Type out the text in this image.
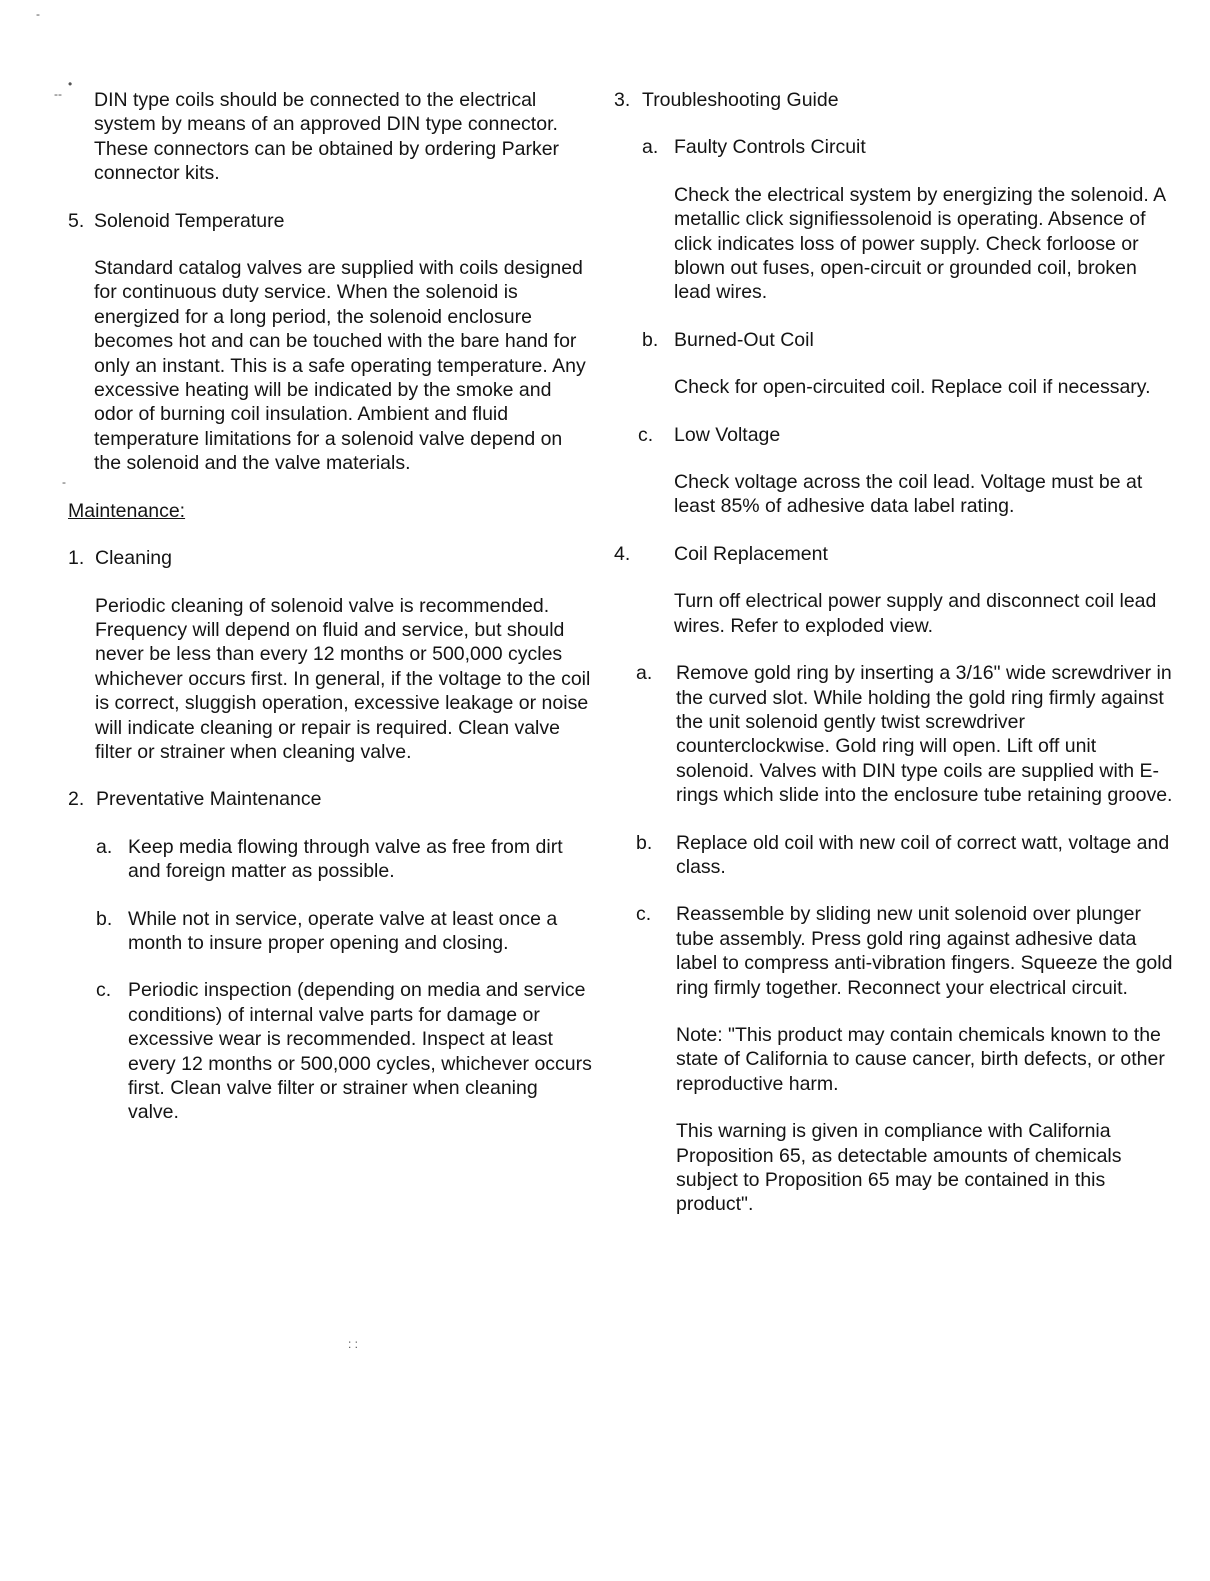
-
--
•
-
: :

DIN type coils should be connected to the electrical system by means of an approved DIN type connector. These connectors can be obtained by ordering Parker connector kits.

5. Solenoid Temperature

Standard catalog valves are supplied with coils designed for continuous duty service. When the solenoid is energized for a long period, the solenoid enclosure becomes hot and can be touched with the bare hand for only an instant. This is a safe operating temperature. Any excessive heating will be indicated by the smoke and odor of burning coil insulation. Ambient and fluid temperature limitations for a solenoid valve depend on the solenoid and the valve materials.

Maintenance:

1. Cleaning

Periodic cleaning of solenoid valve is recommended. Frequency will depend on fluid and service, but should never be less than every 12 months or 500,000 cycles whichever occurs first. In general, if the voltage to the coil is correct, sluggish operation, excessive leakage or noise will indicate cleaning or repair is required. Clean valve filter or strainer when cleaning valve.

2. Preventative Maintenance
a. Keep media flowing through valve as free from dirt and foreign matter as possible.
b. While not in service, operate valve at least once a month to insure proper opening and closing.
c. Periodic inspection (depending on media and service conditions) of internal valve parts for damage or excessive wear is recommended. Inspect at least every 12 months or 500,000 cycles, whichever occurs first. Clean valve filter or strainer when cleaning valve.
3. Troubleshooting Guide
a. Faulty Controls Circuit

Check the electrical system by energizing the solenoid. A metallic click signifiessolenoid is operating. Absence of click indicates loss of power supply. Check forloose or blown out fuses, open-circuit or grounded coil, broken lead wires.

b. Burned-Out Coil

Check for open-circuited coil. Replace coil if necessary.

c.	Low Voltage

Check voltage across the coil lead. Voltage must be at least 85% of adhesive data label rating.

4.	Coil Replacement

Turn off electrical power supply and disconnect coil lead wires. Refer to exploded view.

a.	Remove gold ring by inserting a 3/16" wide screwdriver in the curved slot. While holding the gold ring firmly against the unit solenoid gently twist screwdriver counterclockwise. Gold ring will open. Lift off unit solenoid. Valves with DIN type coils are supplied with E-rings which slide into the enclosure tube retaining groove.
b.	Replace old coil with new coil of correct watt, voltage and class.
c.	Reassemble by sliding new unit solenoid over plunger tube assembly. Press gold ring against adhesive data label to compress anti-vibration fingers. Squeeze the gold ring firmly together. Reconnect your electrical circuit.

Note: "This product may contain chemicals known to the state of California to cause cancer, birth defects, or other reproductive harm.

This warning is given in compliance with California Proposition 65, as detectable amounts of chemicals subject to Proposition 65 may be contained in this product".
